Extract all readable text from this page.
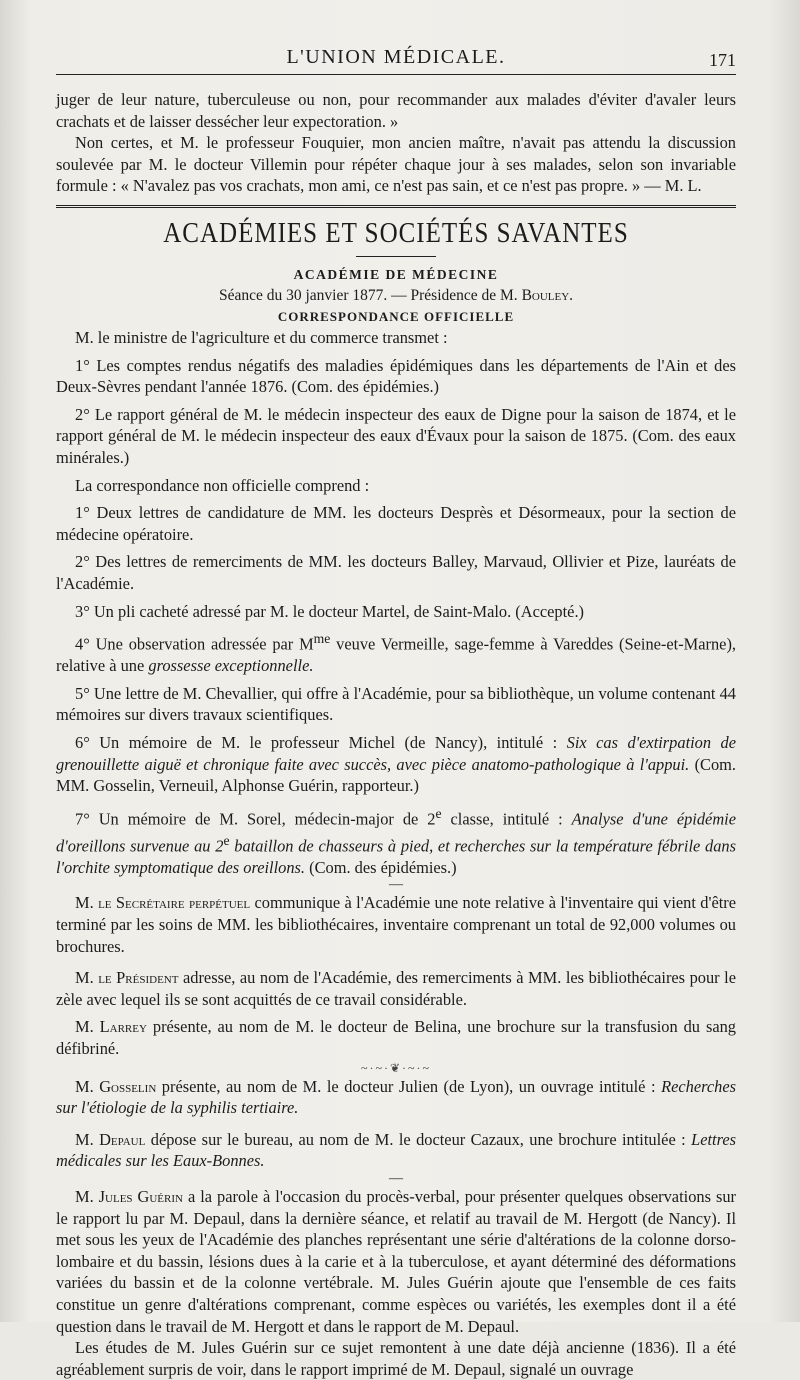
L'UNION MÉDICALE.	171

juger de leur nature, tuberculeuse ou non, pour recommander aux malades d'éviter d'avaler leurs crachats et de laisser dessécher leur expectoration. »

Non certes, et M. le professeur Fouquier, mon ancien maître, n'avait pas attendu la discussion soulevée par M. le docteur Villemin pour répéter chaque jour à ses malades, selon son invariable formule : « N'avalez pas vos crachats, mon ami, ce n'est pas sain, et ce n'est pas propre. » — M. L.

ACADÉMIES ET SOCIÉTÉS SAVANTES
ACADÉMIE DE MÉDECINE
Séance du 30 janvier 1877. — Présidence de M. Bouley.
CORRESPONDANCE OFFICIELLE

M. le ministre de l'agriculture et du commerce transmet :

1° Les comptes rendus négatifs des maladies épidémiques dans les départements de l'Ain et des Deux-Sèvres pendant l'année 1876. (Com. des épidémies.)

2° Le rapport général de M. le médecin inspecteur des eaux de Digne pour la saison de 1874, et le rapport général de M. le médecin inspecteur des eaux d'Évaux pour la saison de 1875. (Com. des eaux minérales.)

La correspondance non officielle comprend :

1° Deux lettres de candidature de MM. les docteurs Desprès et Désormeaux, pour la section de médecine opératoire.

2° Des lettres de remerciments de MM. les docteurs Balley, Marvaud, Ollivier et Pize, lauréats de l'Académie.

3° Un pli cacheté adressé par M. le docteur Martel, de Saint-Malo. (Accepté.)

4° Une observation adressée par $M^{me}$ veuve Vermeille, sage-femme à Vareddes (Seine-et-Marne), relative à une grossesse exceptionnelle.

5° Une lettre de M. Chevallier, qui offre à l'Académie, pour sa bibliothèque, un volume contenant 44 mémoires sur divers travaux scientifiques.

6° Un mémoire de M. le professeur Michel (de Nancy), intitulé : Six cas d'extirpation de grenouillette aiguë et chronique faite avec succès, avec pièce anatomo-pathologique à l'appui. (Com. MM. Gosselin, Verneuil, Alphonse Guérin, rapporteur.)

7° Un mémoire de M. Sorel, médecin-major de 2e classe, intitulé : Analyse d'une épidémie d'oreillons survenue au 2e bataillon de chasseurs à pied, et recherches sur la température fébrile dans l'orchite symptomatique des oreillons. (Com. des épidémies.)

—

M. le Secrétaire perpétuel communique à l'Académie une note relative à l'inventaire qui vient d'être terminé par les soins de MM. les bibliothécaires, inventaire comprenant un total de 92,000 volumes ou brochures.

M. le Président adresse, au nom de l'Académie, des remerciments à MM. les bibliothécaires pour le zèle avec lequel ils se sont acquittés de ce travail considérable.

M. Larrey présente, au nom de M. le docteur de Belina, une brochure sur la transfusion du sang défibriné.

~·~·❦·~·~

M. Gosselin présente, au nom de M. le docteur Julien (de Lyon), un ouvrage intitulé : Recherches sur l'étiologie de la syphilis tertiaire.

M. Depaul dépose sur le bureau, au nom de M. le docteur Cazaux, une brochure intitulée : Lettres médicales sur les Eaux-Bonnes.

—

M. Jules Guérin a la parole à l'occasion du procès-verbal, pour présenter quelques observations sur le rapport lu par M. Depaul, dans la dernière séance, et relatif au travail de M. Hergott (de Nancy). Il met sous les yeux de l'Académie des planches représentant une série d'altérations de la colonne dorso-lombaire et du bassin, lésions dues à la carie et à la tuberculose, et ayant déterminé des déformations variées du bassin et de la colonne vertébrale. M. Jules Guérin ajoute que l'ensemble de ces faits constitue un genre d'altérations comprenant, comme espèces ou variétés, les exemples dont il a été question dans le travail de M. Hergott et dans le rapport de M. Depaul.

Les études de M. Jules Guérin sur ce sujet remontent à une date déjà ancienne (1836). Il a été agréablement surpris de voir, dans le rapport imprimé de M. Depaul, signalé un ouvrage
